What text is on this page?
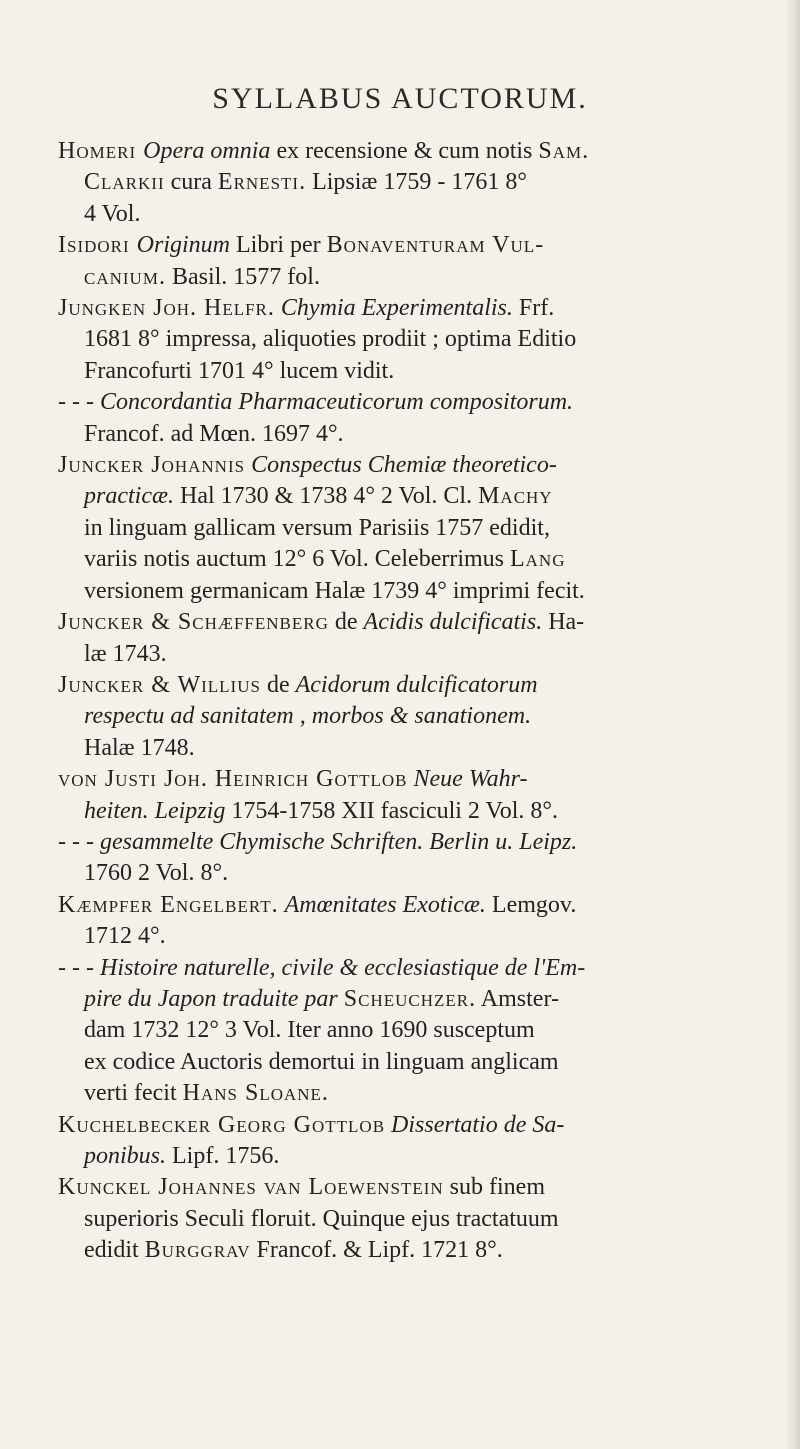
SYLLABUS AUCTORUM.

Homeri Opera omnia ex recensione & cum notis Sam.
Clarkii cura Ernesti. Lipsiæ 1759 - 1761 8°
4 Vol.

Isidori Originum Libri per Bonaventuram Vul-
canium. Basil. 1577 fol.

Jungken Joh. Helfr. Chymia Experimentalis. Frf.
1681 8° impressa, aliquoties prodiit ; optima Editio
Francofurti 1701 4° lucem vidit.

- - - Concordantia Pharmaceuticorum compositorum.
Francof. ad Mœn. 1697 4°.

Juncker Johannis Conspectus Chemiæ theoretico-
practicæ. Hal 1730 & 1738 4° 2 Vol. Cl. Machy
in linguam gallicam versum Parisiis 1757 edidit,
variis notis auctum 12° 6 Vol. Celeberrimus Lang
versionem germanicam Halæ 1739 4° imprimi fecit.

Juncker & Schæffenberg de Acidis dulcificatis. Ha-
læ 1743.

Juncker & Willius de Acidorum dulcificatorum
respectu ad sanitatem , morbos & sanationem.
Halæ 1748.

von Justi Joh. Heinrich Gottlob Neue Wahr-
heiten. Leipzig 1754-1758 XII fasciculi 2 Vol. 8°.

- - - gesammelte Chymische Schriften. Berlin u. Leipz.
1760 2 Vol. 8°.

Kæmpfer Engelbert. Amœnitates Exoticæ. Lemgov.
1712 4°.

- - - Histoire naturelle, civile & ecclesiastique de l'Em-
pire du Japon traduite par Scheuchzer. Amster-
dam 1732 12° 3 Vol. Iter anno 1690 susceptum
ex codice Auctoris demortui in linguam anglicam
verti fecit Hans Sloane.

Kuchelbecker Georg Gottlob Dissertatio de Sa-
ponibus. Lipf. 1756.

Kunckel Johannes van Loewenstein sub finem
superioris Seculi floruit. Quinque ejus tractatuum
edidit Burggrav Francof. & Lipf. 1721 8°.
